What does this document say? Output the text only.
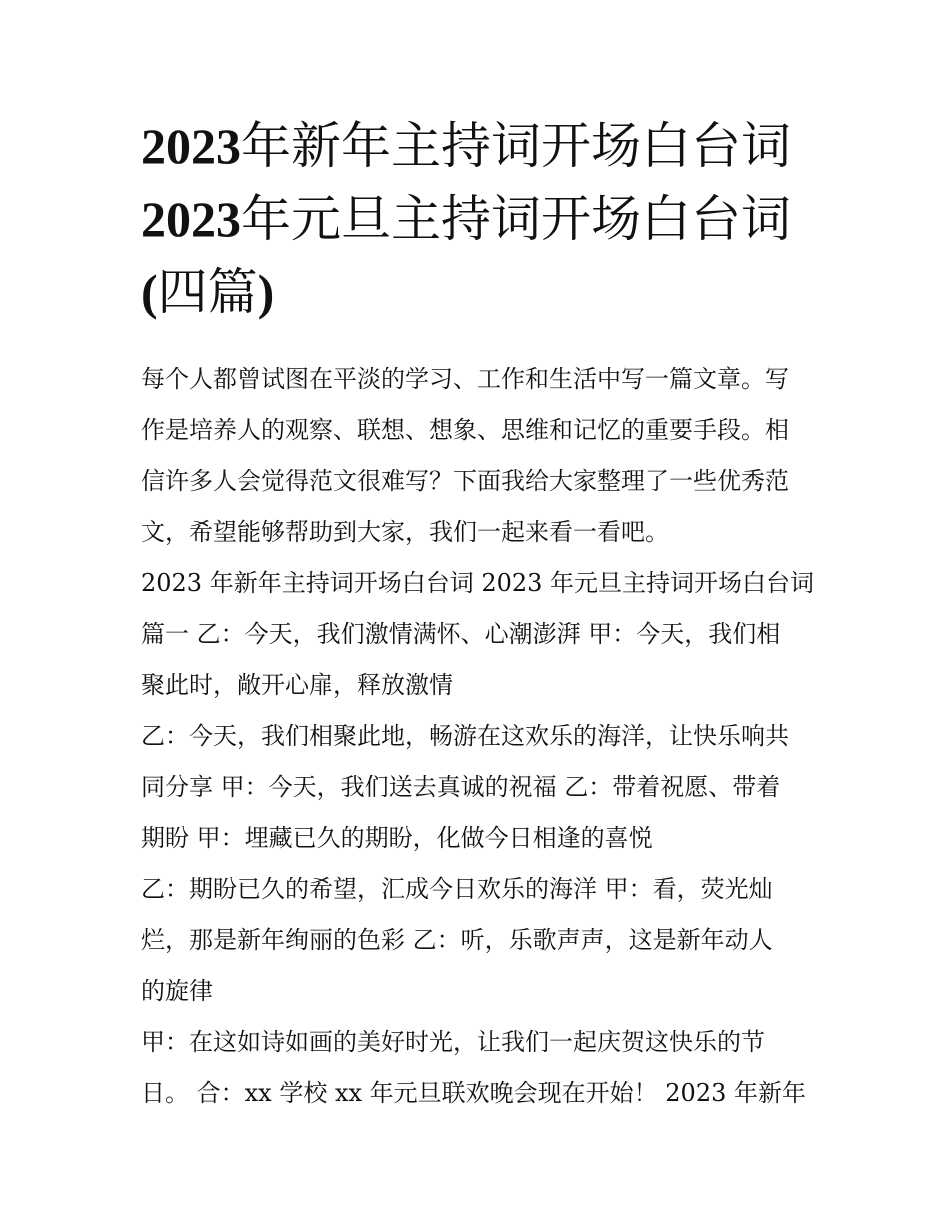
2023年新年主持词开场白台词
2023年元旦主持词开场白台词
(四篇)
每个人都曾试图在平淡的学习、工作和生活中写一篇文章。写
作是培养人的观察、联想、想象、思维和记忆的重要手段。相
信许多人会觉得范文很难写？下面我给大家整理了一些优秀范
文，希望能够帮助到大家，我们一起来看一看吧。
2023 年新年主持词开场白台词 2023 年元旦主持词开场白台词
篇一 乙：今天，我们激情满怀、心潮澎湃 甲：今天，我们相
聚此时，敞开心扉，释放激情
乙：今天，我们相聚此地，畅游在这欢乐的海洋，让快乐响共
同分享 甲：今天，我们送去真诚的祝福 乙：带着祝愿、带着
期盼 甲：埋藏已久的期盼，化做今日相逢的喜悦
乙：期盼已久的希望，汇成今日欢乐的海洋 甲：看，荧光灿
烂，那是新年绚丽的色彩 乙：听，乐歌声声，这是新年动人
的旋律
甲：在这如诗如画的美好时光，让我们一起庆贺这快乐的节
日。 合：xx 学校 xx 年元旦联欢晚会现在开始！ 2023 年新年
